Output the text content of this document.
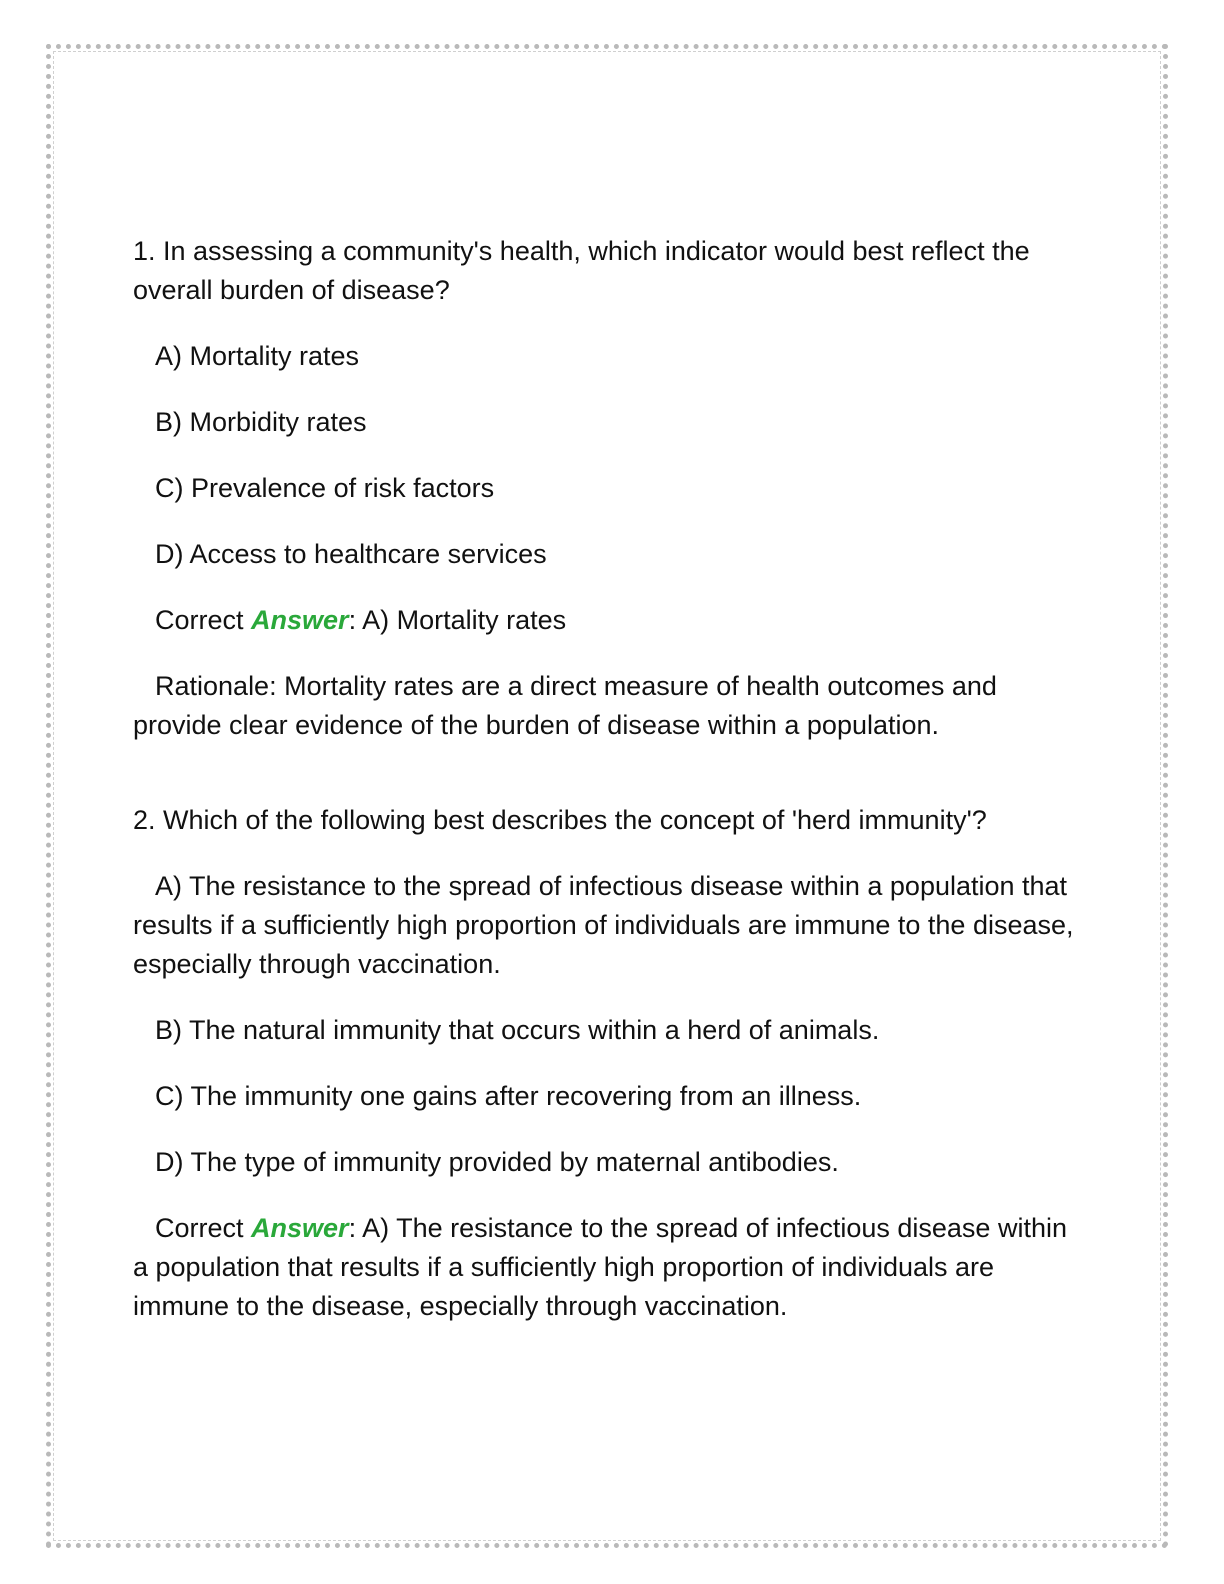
1. In assessing a community's health, which indicator would best reflect the overall burden of disease?

A) Mortality rates

B) Morbidity rates

C) Prevalence of risk factors

D) Access to healthcare services

Correct Answer: A) Mortality rates

Rationale: Mortality rates are a direct measure of health outcomes and provide clear evidence of the burden of disease within a population.

2. Which of the following best describes the concept of 'herd immunity'?

A) The resistance to the spread of infectious disease within a population that results if a sufficiently high proportion of individuals are immune to the disease, especially through vaccination.

B) The natural immunity that occurs within a herd of animals.

C) The immunity one gains after recovering from an illness.

D) The type of immunity provided by maternal antibodies.

Correct Answer: A) The resistance to the spread of infectious disease within a population that results if a sufficiently high proportion of individuals are immune to the disease, especially through vaccination.
